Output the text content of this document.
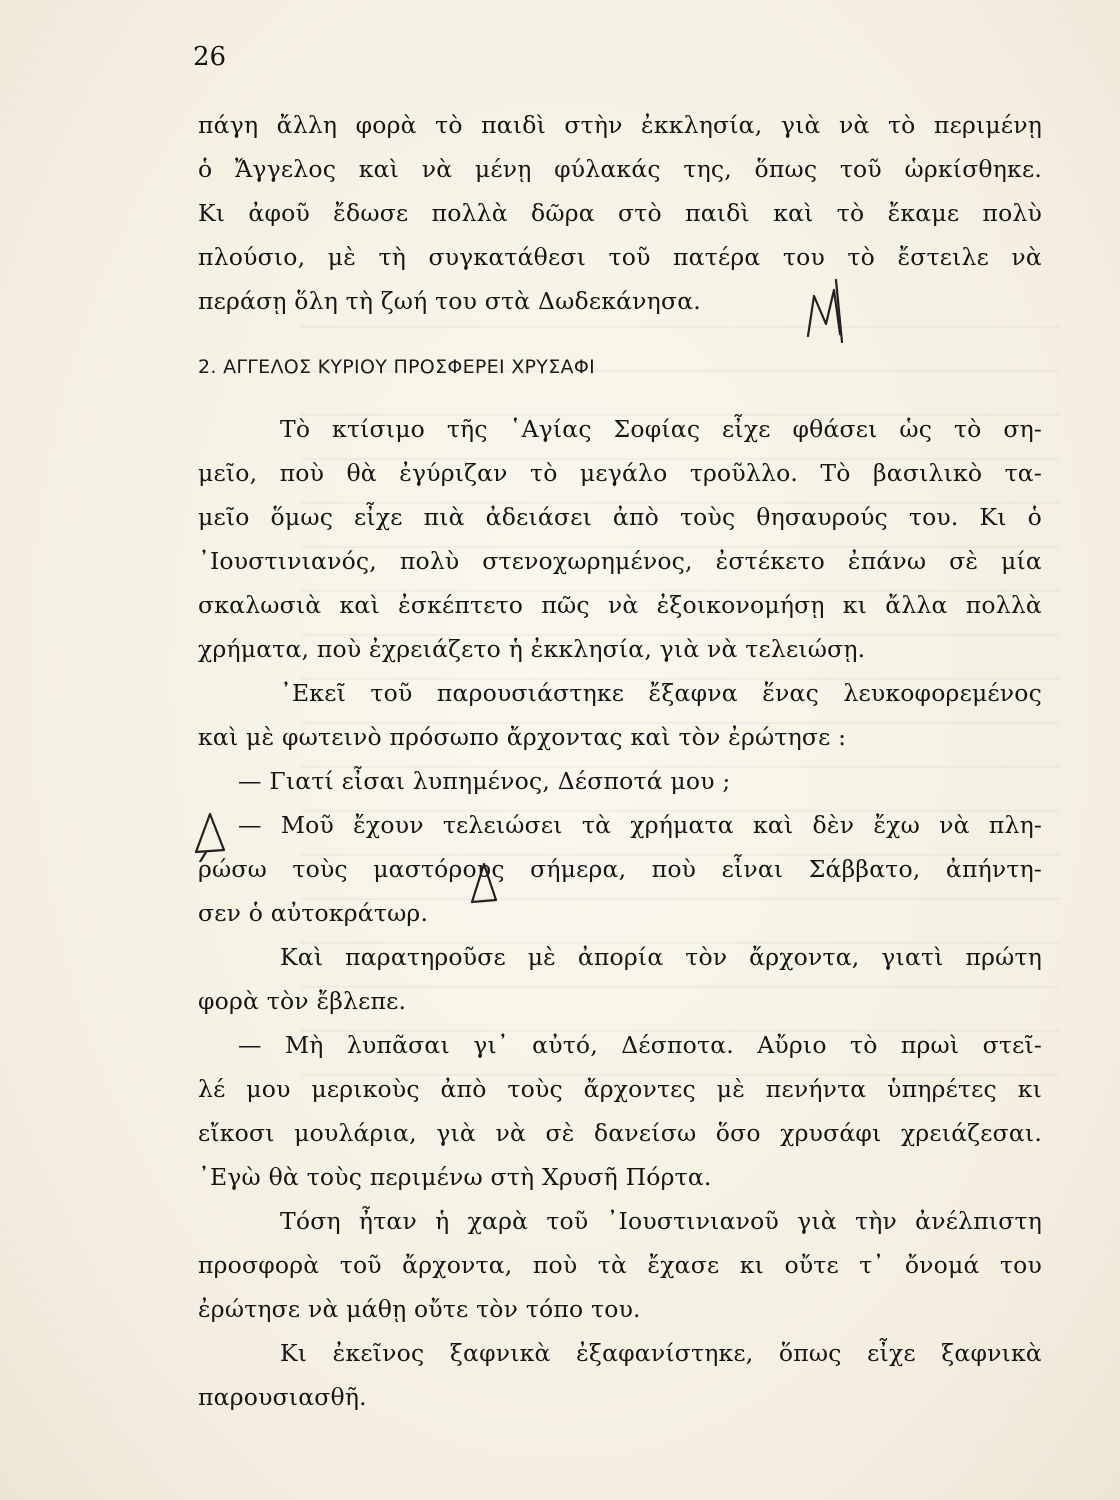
26
πάγη ἄλλη φορὰ τὸ παιδὶ στὴν ἐκκλησία, γιὰ νὰ τὸ περιμένῃ
ὁ Ἄγγελος καὶ νὰ μένῃ φύλακάς της, ὅπως τοῦ ὡρκίσθηκε.
Κι ἀφοῦ ἔδωσε πολλὰ δῶρα στὸ παιδὶ καὶ τὸ ἔκαμε πολὺ
πλούσιο, μὲ τὴ συγκατάθεσι τοῦ πατέρα του τὸ ἔστειλε νὰ
περάσῃ ὅλη τὴ ζωή του στὰ Δωδεκάνησα.
2. ΑΓΓΕΛΟΣ ΚΥΡΙΟΥ ΠΡΟΣΦΕΡΕΙ ΧΡΥΣΑΦΙ
Τὸ κτίσιμο τῆς ῾Αγίας Σοφίας εἶχε φθάσει ὡς τὸ ση-
μεῖο, ποὺ θὰ ἐγύριζαν τὸ μεγάλο τροῦλλο. Τὸ βασιλικὸ τα-
μεῖο ὅμως εἶχε πιὰ ἀδειάσει ἀπὸ τοὺς θησαυρούς του. Κι ὁ
᾿Ιουστινιανός, πολὺ στενοχωρημένος, ἐστέκετο ἐπάνω σὲ μία
σκαλωσιὰ καὶ ἐσκέπτετο πῶς νὰ ἐξοικονομήσῃ κι ἄλλα πολλὰ
χρήματα, ποὺ ἐχρειάζετο ἡ ἐκκλησία, γιὰ νὰ τελειώσῃ.
᾿Εκεῖ τοῦ παρουσιάστηκε ἔξαφνα ἕνας λευκοφορεμένος
καὶ μὲ φωτεινὸ πρόσωπο ἄρχοντας καὶ τὸν ἐρώτησε :
— Γιατί εἶσαι λυπημένος, Δέσποτά μου ;
— Μοῦ ἔχουν τελειώσει τὰ χρήματα καὶ δὲν ἔχω νὰ πλη-
ρώσω τοὺς μαστόρους σήμερα, ποὺ εἶναι Σάββατο, ἀπήντη-
σεν ὁ αὐτοκράτωρ.
Καὶ παρατηροῦσε μὲ ἀπορία τὸν ἄρχοντα, γιατὶ πρώτη
φορὰ τὸν ἔβλεπε.
— Μὴ λυπᾶσαι γι᾿ αὐτό, Δέσποτα. Αὔριο τὸ πρωὶ στεῖ-
λέ μου μερικοὺς ἀπὸ τοὺς ἄρχοντες μὲ πενήντα ὑπηρέτες κι
εἴκοσι μουλάρια, γιὰ νὰ σὲ δανείσω ὅσο χρυσάφι χρειάζεσαι.
᾿Εγὼ θὰ τοὺς περιμένω στὴ Χρυσῆ Πόρτα.
Τόση ἦταν ἡ χαρὰ τοῦ ᾿Ιουστινιανοῦ γιὰ τὴν ἀνέλπιστη
προσφορὰ τοῦ ἄρχοντα, ποὺ τὰ ἔχασε κι οὔτε τ᾿ ὄνομά του
ἐρώτησε νὰ μάθῃ οὔτε τὸν τόπο του.
Κι ἐκεῖνος ξαφνικὰ ἐξαφανίστηκε, ὅπως εἶχε ξαφνικὰ
παρουσιασθῆ.
